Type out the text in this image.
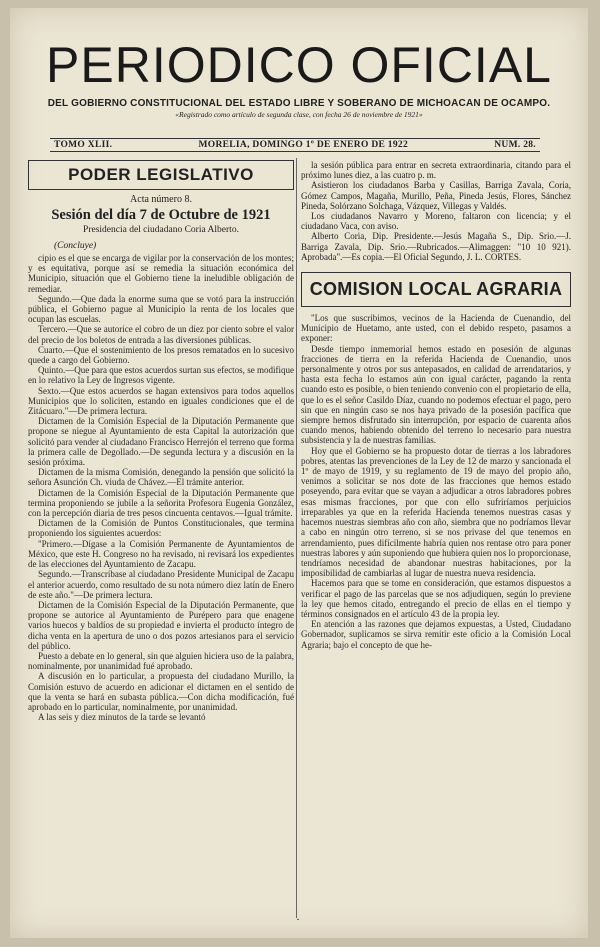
PERIODICO OFICIAL
DEL GOBIERNO CONSTITUCIONAL DEL ESTADO LIBRE Y SOBERANO DE MICHOACAN DE OCAMPO.
«Registrado como artículo de segunda clase, con fecha 26 de noviembre de 1921»
TOMO XLII.	MORELIA, DOMINGO 1º DE ENERO DE 1922	NUM. 28.
PODER LEGISLATIVO
Acta número 8.
Sesión del día 7 de Octubre de 1921
Presidencia del ciudadano Coria Alberto.
(Concluye)

cipio es el que se encarga de vigilar por la conservación de los montes; y es equitativa, porque así se remedia la situación económica del Municipio, situación que el Gobierno tiene la ineludible obligación de remediar.

Segundo.—Que dada la enorme suma que se votó para la instrucción pública, el Gobierno pague al Municipio la renta de los locales que ocupan las escuelas.

Tercero.—Que se autorice el cobro de un diez por ciento sobre el valor del precio de los boletos de entrada a las diversiones públicas.

Cuarto.—Que el sostenimiento de los presos rematados en lo sucesivo quede a cargo del Gobierno.

Quinto.—Que para que estos acuerdos surtan sus efectos, se modifique en lo relativo la Ley de Ingresos vigente.

Sexto.—Que estos acuerdos se hagan extensivos para todos aquellos Municipios que lo soliciten, estando en iguales condiciones que el de Zitácuaro."—De primera lectura.

Dictamen de la Comisión Especial de la Diputación Permanente que propone se niegue al Ayuntamiento de esta Capital la autorización que solicitó para vender al ciudadano Francisco Herrejón el terreno que forma la primera calle de Degollado.—De segunda lectura y a discusión en la sesión próxima.

Dictamen de la misma Comisión, denegando la pensión que solicitó la señora Asunción Ch. viuda de Chávez.—El trámite anterior.

Dictamen de la Comisión Especial de la Diputación Permanente que termina proponiendo se jubile a la señorita Profesora Eugenia González, con la percepción diaria de tres pesos cincuenta centavos.—Igual trámite.

Dictamen de la Comisión de Puntos Constitucionales, que termina proponiendo los siguientes acuerdos:

"Primero.—Dígase a la Comisión Permanente de Ayuntamientos de México, que este H. Congreso no ha revisado, ni revisará los expedientes de las elecciones del Ayuntamiento de Zacapu.

Segundo.—Transcríbase al ciudadano Presidente Municipal de Zacapu el anterior acuerdo, como resultado de su nota número diez latín de Enero de este año."—De primera lectura.

Dictamen de la Comisión Especial de la Diputación Permanente, que propone se autorice al Ayuntamiento de Purépero para que enagene varios huecos y baldíos de su propiedad e invierta el producto íntegro de dicha venta en la apertura de uno o dos pozos artesianos para el servicio del público.

Puesto a debate en lo general, sin que alguien hiciera uso de la palabra, nominalmente, por unanimidad fué aprobado.

A discusión en lo particular, a propuesta del ciudadano Murillo, la Comisión estuvo de acuerdo en adicionar el dictamen en el sentido de que la venta se hará en subasta pública.—Con dicha modificación, fué aprobado en lo particular, nominalmente, por unanimidad.

A las seis y diez minutos de la tarde se levantó

la sesión pública para entrar en secreta extraordinaria, citando para el próximo lunes diez, a las cuatro p. m.

Asistieron los ciudadanos Barba y Casillas, Barriga Zavala, Coria, Gómez Campos, Magaña, Murillo, Peña, Pineda Jesús, Flores, Sánchez Pineda, Solórzano Solchaga, Vázquez, Villegas y Valdés.

Los ciudadanos Navarro y Moreno, faltaron con licencia; y el ciudadano Vaca, con aviso.

Alberto Coria, Dip. Presidente.—Jesús Magaña S., Dip. Srio.—J. Barriga Zavala, Dip. Srio.—Rubricados.—Alimaggen: "10 10 921). Aprobada".—Es copia.—El Oficial Segundo, J. L. CORTES.

COMISION LOCAL AGRARIA

"Los que suscribimos, vecinos de la Hacienda de Cuenandio, del Municipio de Huetamo, ante usted, con el debido respeto, pasamos a exponer:

Desde tiempo inmemorial hemos estado en posesión de algunas fracciones de tierra en la referida Hacienda de Cuenandio, unos personalmente y otros por sus antepasados, en calidad de arrendatarios, y hasta esta fecha lo estamos aún con igual carácter, pagando la renta cuando esto es posible, o bien teniendo convenio con el propietario de ella, que lo es el señor Casildo Díaz, cuando no podemos efectuar el pago, pero sin que en ningún caso se nos haya privado de la posesión pacífica que siempre hemos disfrutado sin interrupción, por espacio de cuarenta años cuando menos, habiendo obtenido del terreno lo necesario para nuestra subsistencia y la de nuestras familias.

Hoy que el Gobierno se ha propuesto dotar de tierras a los labradores pobres, atentas las prevenciones de la Ley de 12 de marzo y sancionada el 1º de mayo de 1919, y su reglamento de 19 de mayo del propio año, venimos a solicitar se nos dote de las fracciones que hemos estado poseyendo, para evitar que se vayan a adjudicar a otros labradores pobres esas mismas fracciones, por que con ello sufriríamos perjuicios irreparables ya que en la referida Hacienda tenemos nuestras casas y hacemos nuestras siembras año con año, siembra que no podríamos llevar a cabo en ningún otro terreno, si se nos privase del que tenemos en arrendamiento, pues difícilmente habría quien nos rentase otro para poner nuestras labores y aún suponiendo que hubiera quien nos lo proporcionase, tendríamos necesidad de abandonar nuestras habitaciones, por la imposibilidad de cambiarlas al lugar de nuestra nueva residencia.

Hacemos para que se tome en consideración, que estamos dispuestos a verificar el pago de las parcelas que se nos adjudiquen, según lo previene la ley que hemos citado, entregando el precio de ellas en el tiempo y términos consignados en el artículo 43 de la propia ley.

En atención a las razones que dejamos expuestas, a Usted, Ciudadano Gobernador, suplicamos se sirva remitir este oficio a la Comisión Local Agraria; bajo el concepto de que he-

·
